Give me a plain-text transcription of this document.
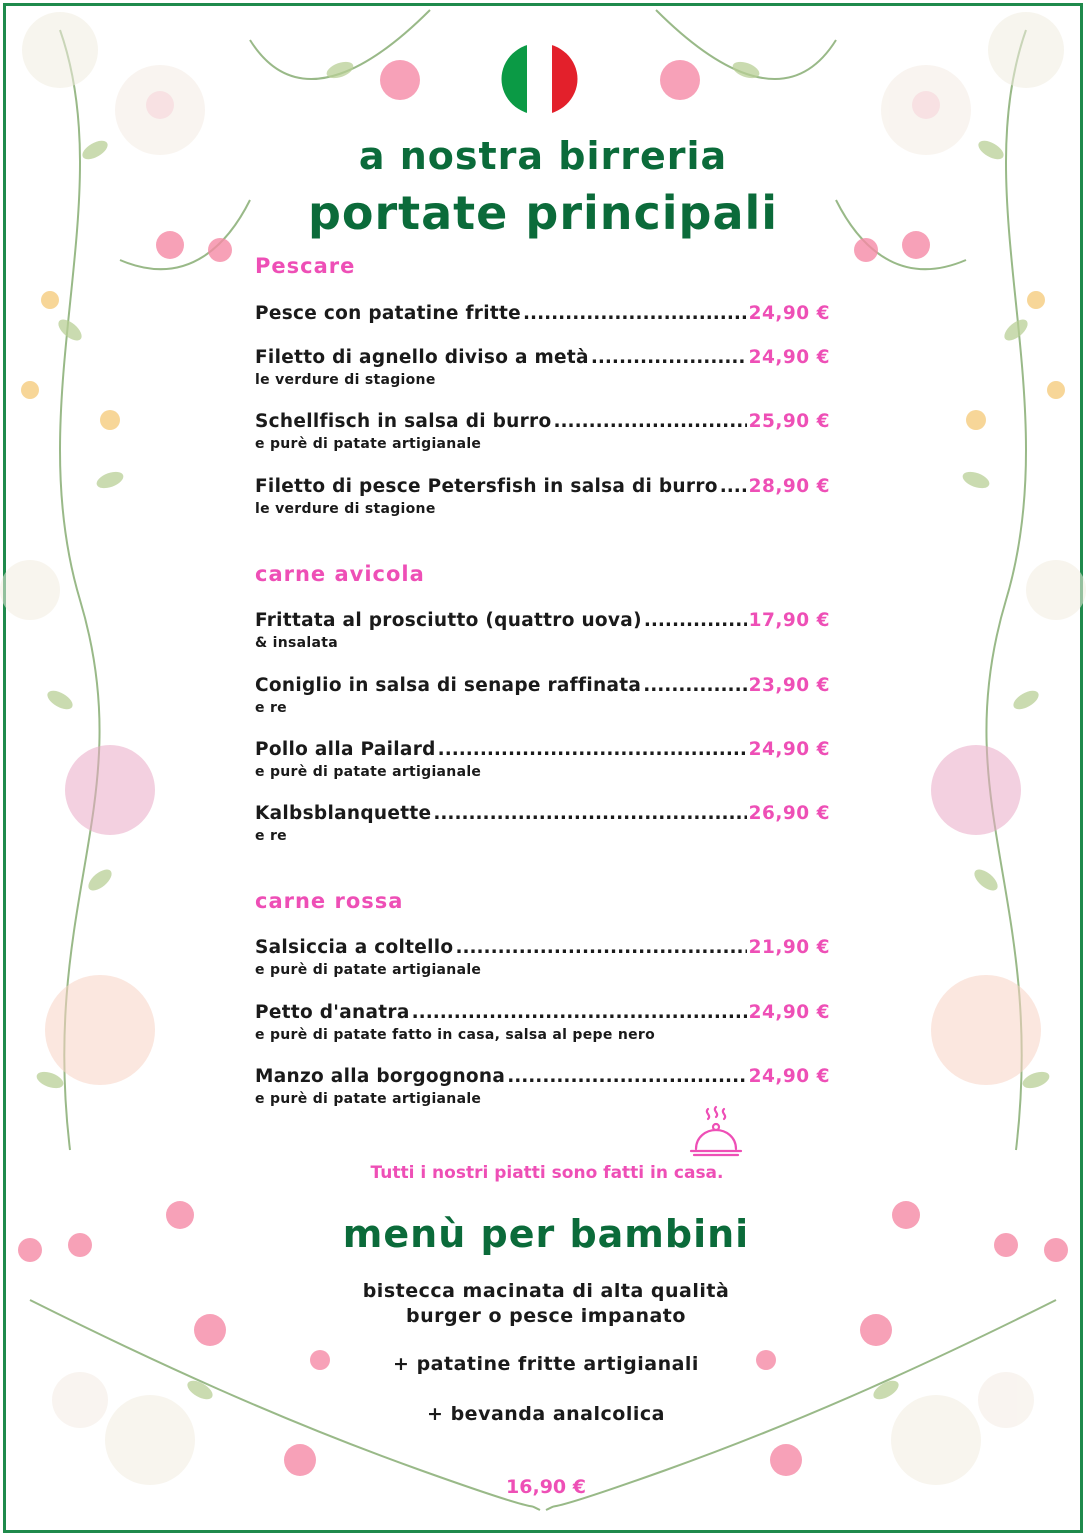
a nostra birreria
portate principali
Pescare
Pesce con patatine fritte .....	24,90 €
Filetto di agnello diviso a metà .....	24,90 €
le verdure di stagione
Schellfisch in salsa di burro .....	25,90 €
e purè di patate artigianale
Filetto di pesce Petersfish in salsa di burro ..... 28,90 €
le verdure di stagione
carne avicola
Frittata al prosciutto (quattro uova) .....	17,90 €
& insalata
Coniglio in salsa di senape raffinata .....	23,90 €
e re
Pollo alla Pailard .....	24,90 €
e purè di patate artigianale
Kalbsblanquette .....	26,90 €
e re
carne rossa
Salsiccia a coltello .....	21,90 €
e purè di patate artigianale
Petto d'anatra .....	24,90 €
e purè di patate fatto in casa, salsa al pepe nero
Manzo alla borgognona .....	24,90 €
e purè di patate artigianale
Tutti i nostri piatti sono fatti in casa.
menù per bambini
bistecca macinata di alta qualità
burger o pesce impanato
+ patatine fritte artigianali
+ bevanda analcolica
16,90 €
